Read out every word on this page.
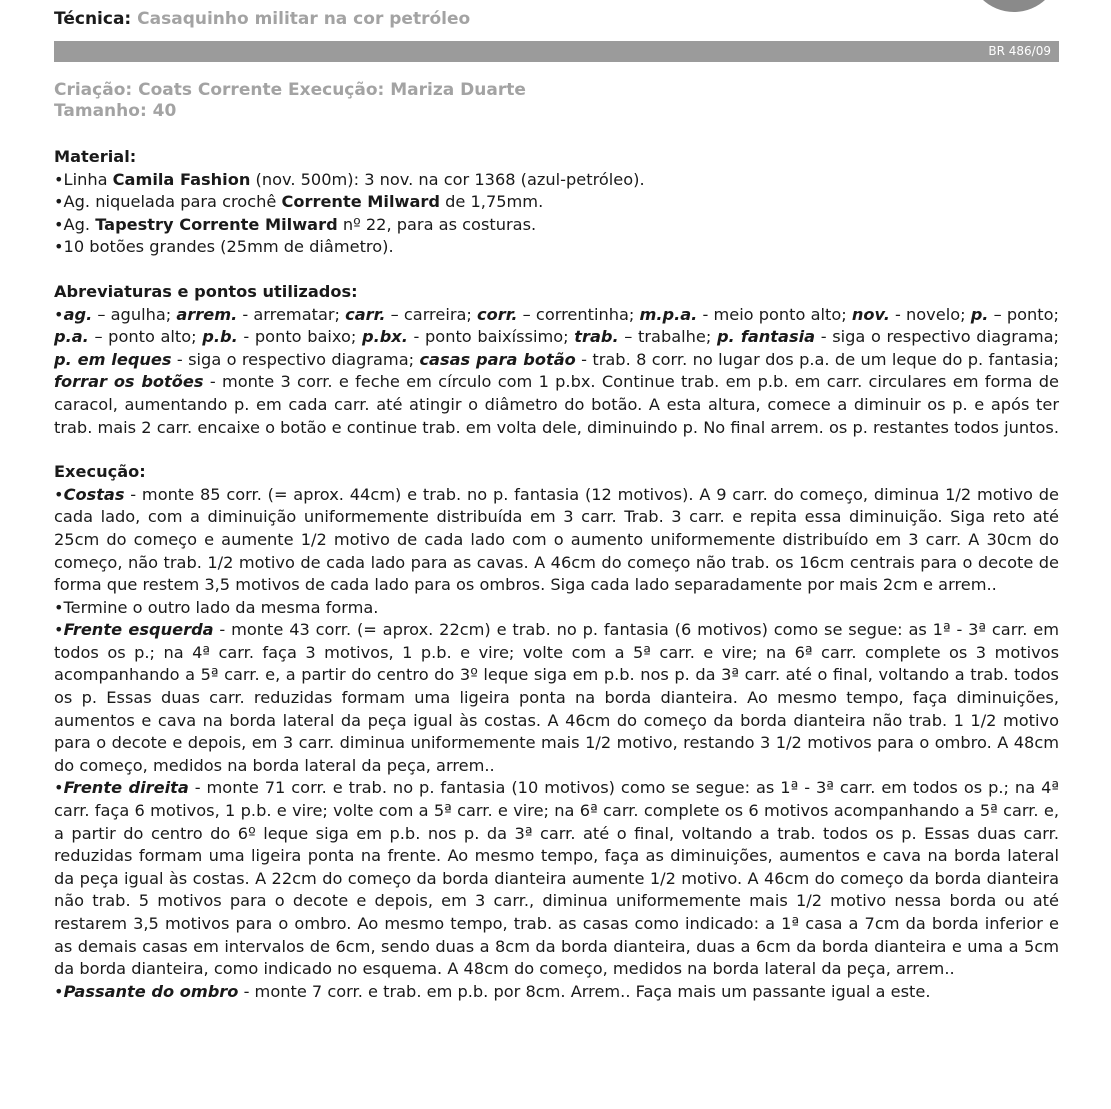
Técnica: Casaquinho militar na cor petróleo
BR 486/09
Criação: Coats Corrente Execução: Mariza Duarte
Tamanho: 40
Material:
•Linha Camila Fashion (nov. 500m): 3 nov. na cor 1368 (azul-petróleo).
•Ag. niquelada para crochê Corrente Milward de 1,75mm.
•Ag. Tapestry Corrente Milward nº 22, para as costuras.
•10 botões grandes (25mm de diâmetro).
Abreviaturas e pontos utilizados:

•ag. – agulha; arrem. - arrematar; carr. – carreira; corr. – correntinha; m.p.a. - meio ponto alto; nov. - novelo; p. – ponto; p.a. – ponto alto; p.b. - ponto baixo; p.bx. - ponto baixíssimo; trab. – trabalhe; p. fantasia - siga o respectivo diagrama; p. em leques - siga o respectivo diagrama; casas para botão - trab. 8 corr. no lugar dos p.a. de um leque do p. fantasia; forrar os botões - monte 3 corr. e feche em círculo com 1 p.bx. Continue trab. em p.b. em carr. circulares em forma de caracol, aumentando p. em cada carr. até atingir o diâmetro do botão. A esta altura, comece a diminuir os p. e após ter trab. mais 2 carr. encaixe o botão e continue trab. em volta dele, diminuindo p. No final arrem. os p. restantes todos juntos.

Execução:

•Costas - monte 85 corr. (= aprox. 44cm) e trab. no p. fantasia (12 motivos). A 9 carr. do começo, diminua 1/2 motivo de cada lado, com a diminuição uniformemente distribuída em 3 carr. Trab. 3 carr. e repita essa diminuição. Siga reto até 25cm do começo e aumente 1/2 motivo de cada lado com o aumento uniformemente distribuído em 3 carr. A 30cm do começo, não trab. 1/2 motivo de cada lado para as cavas. A 46cm do começo não trab. os 16cm centrais para o decote de forma que restem 3,5 motivos de cada lado para os ombros. Siga cada lado separadamente por mais 2cm e arrem..

•Termine o outro lado da mesma forma.

•Frente esquerda - monte 43 corr. (= aprox. 22cm) e trab. no p. fantasia (6 motivos) como se segue: as 1ª - 3ª carr. em todos os p.; na 4ª carr. faça 3 motivos, 1 p.b. e vire; volte com a 5ª carr. e vire; na 6ª carr. complete os 3 motivos acompanhando a 5ª carr. e, a partir do centro do 3º leque siga em p.b. nos p. da 3ª carr. até o final, voltando a trab. todos os p. Essas duas carr. reduzidas formam uma ligeira ponta na borda dianteira. Ao mesmo tempo, faça diminuições, aumentos e cava na borda lateral da peça igual às costas. A 46cm do começo da borda dianteira não trab. 1 1/2 motivo para o decote e depois, em 3 carr. diminua uniformemente mais 1/2 motivo, restando 3 1/2 motivos para o ombro. A 48cm do começo, medidos na borda lateral da peça, arrem..

•Frente direita - monte 71 corr. e trab. no p. fantasia (10 motivos) como se segue: as 1ª - 3ª carr. em todos os p.; na 4ª carr. faça 6 motivos, 1 p.b. e vire; volte com a 5ª carr. e vire; na 6ª carr. complete os 6 motivos acompanhando a 5ª carr. e, a partir do centro do 6º leque siga em p.b. nos p. da 3ª carr. até o final, voltando a trab. todos os p. Essas duas carr. reduzidas formam uma ligeira ponta na frente. Ao mesmo tempo, faça as diminuições, aumentos e cava na borda lateral da peça igual às costas. A 22cm do começo da borda dianteira aumente 1/2 motivo. A 46cm do começo da borda dianteira não trab. 5 motivos para o decote e depois, em 3 carr., diminua uniformemente mais 1/2 motivo nessa borda ou até restarem 3,5 motivos para o ombro. Ao mesmo tempo, trab. as casas como indicado: a 1ª casa a 7cm da borda inferior e as demais casas em intervalos de 6cm, sendo duas a 8cm da borda dianteira, duas a 6cm da borda dianteira e uma a 5cm da borda dianteira, como indicado no esquema. A 48cm do começo, medidos na borda lateral da peça, arrem..

•Passante do ombro - monte 7 corr. e trab. em p.b. por 8cm. Arrem.. Faça mais um passante igual a este.
